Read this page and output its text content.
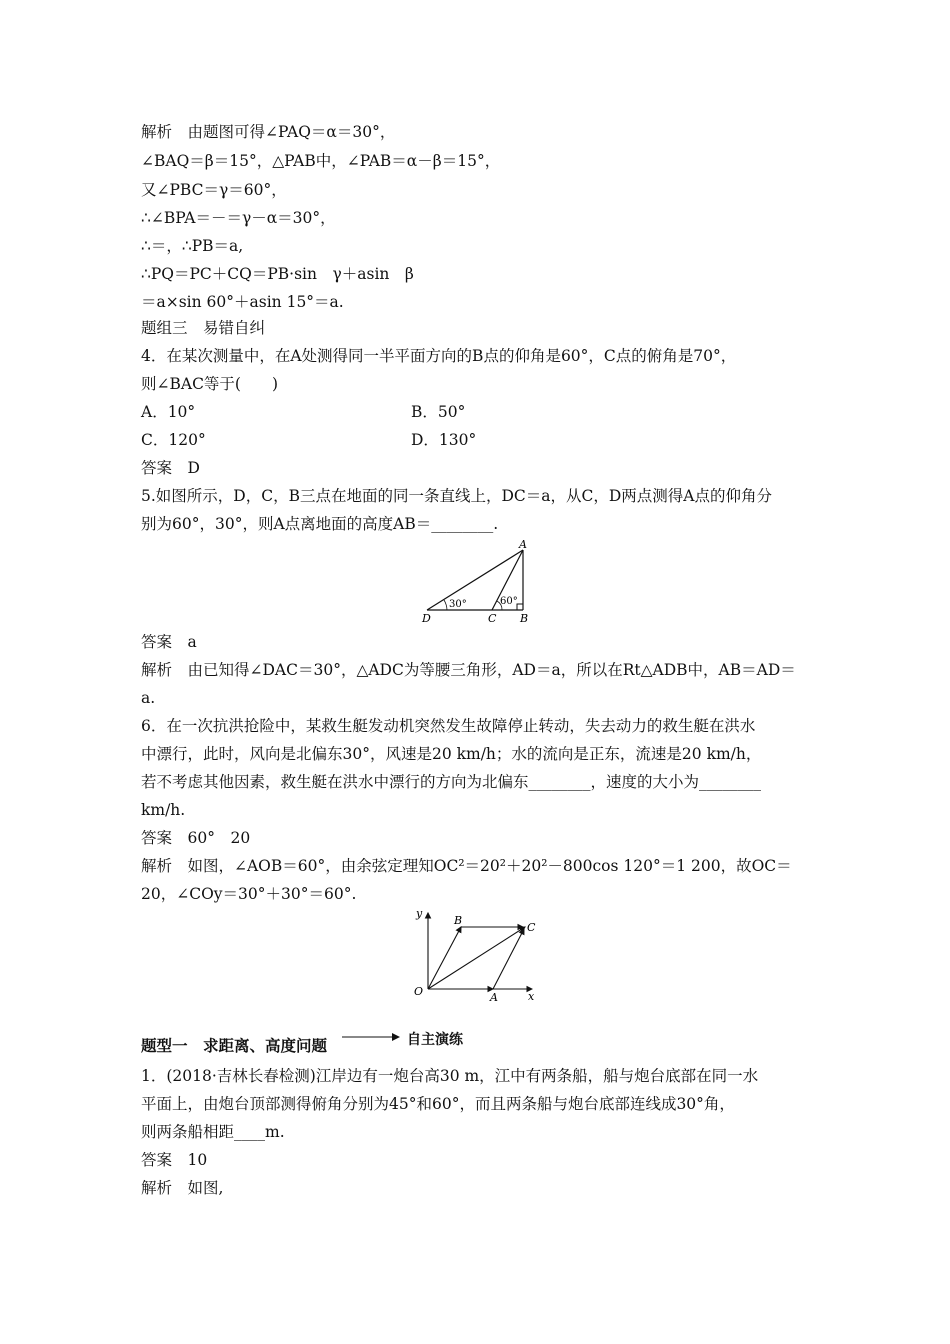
解析　由题图可得∠PAQ＝α＝30°，
∠BAQ＝β＝15°，△PAB中，∠PAB＝α－β＝15°，
又∠PBC＝γ＝60°，
∴∠BPA＝－＝γ－α＝30°，
∴＝，∴PB＝a,
∴PQ＝PC＋CQ＝PB·sin　γ＋asin　β
＝a×sin 60°＋asin 15°＝a.
题组三　易错自纠
4．在某次测量中，在A处测得同一半平面方向的B点的仰角是60°，C点的俯角是70°，
则∠BAC等于(　　)
A．10°	B．50°
C．120°	D．130°
答案　D
5.如图所示，D，C，B三点在地面的同一条直线上，DC＝a，从C，D两点测得A点的仰角分
别为60°，30°，则A点离地面的高度AB＝________.
A
B
C
D
30°	60°
答案　a
解析　由已知得∠DAC＝30°，△ADC为等腰三角形，AD＝a，所以在Rt△ADB中，AB＝AD＝
a.
6．在一次抗洪抢险中，某救生艇发动机突然发生故障停止转动，失去动力的救生艇在洪水
中漂行，此时，风向是北偏东30°，风速是20 km/h；水的流向是正东，流速是20 km/h，
若不考虑其他因素，救生艇在洪水中漂行的方向为北偏东________，速度的大小为________
km/h.
答案　60°　20
解析　如图，∠AOB＝60°，由余弦定理知OC²＝20²＋20²－800cos 120°＝1 200，故OC＝
20，∠COy＝30°＋30°＝60°.
O	A
B
C
x
y
题型一　求距离、高度问题	自主演练
1．(2018·吉林长春检测)江岸边有一炮台高30 m，江中有两条船，船与炮台底部在同一水
平面上，由炮台顶部测得俯角分别为45°和60°，而且两条船与炮台底部连线成30°角，
则两条船相距____m.
答案　10
解析　如图,
